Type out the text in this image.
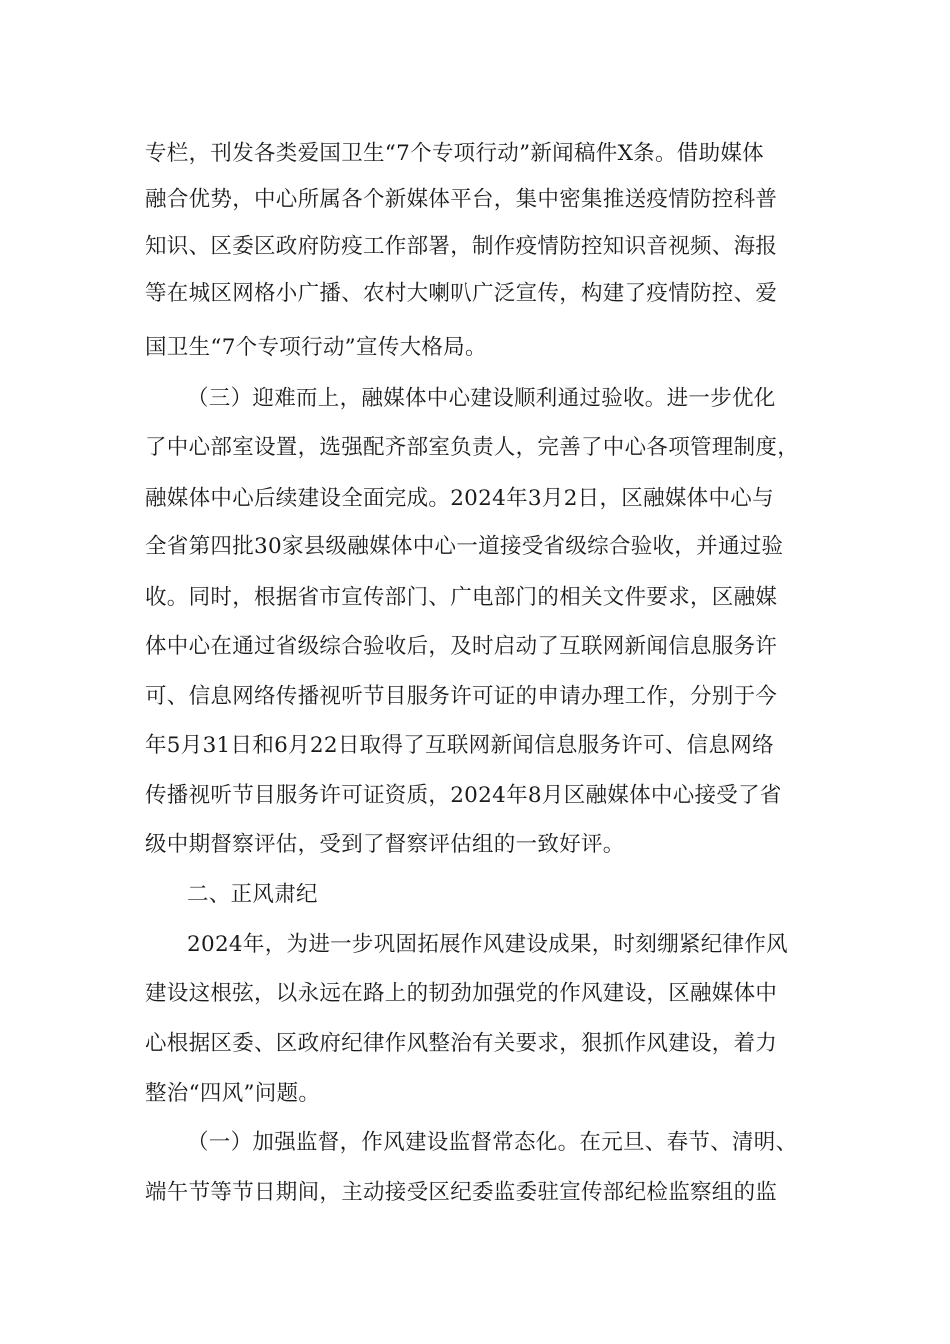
专栏，刊发各类爱国卫生“7个专项行动”新闻稿件X条。借助媒体
融合优势，中心所属各个新媒体平台，集中密集推送疫情防控科普
知识、区委区政府防疫工作部署，制作疫情防控知识音视频、海报
等在城区网格小广播、农村大喇叭广泛宣传，构建了疫情防控、爱
国卫生“7个专项行动”宣传大格局。
（三）迎难而上，融媒体中心建设顺利通过验收。进一步优化
了中心部室设置，选强配齐部室负责人，完善了中心各项管理制度，
融媒体中心后续建设全面完成。2024年3月2日，区融媒体中心与
全省第四批30家县级融媒体中心一道接受省级综合验收，并通过验
收。同时，根据省市宣传部门、广电部门的相关文件要求，区融媒
体中心在通过省级综合验收后，及时启动了互联网新闻信息服务许
可、信息网络传播视听节目服务许可证的申请办理工作，分别于今
年5月31日和6月22日取得了互联网新闻信息服务许可、信息网络
传播视听节目服务许可证资质，2024年8月区融媒体中心接受了省
级中期督察评估，受到了督察评估组的一致好评。
二、正风肃纪
2024年，为进一步巩固拓展作风建设成果，时刻绷紧纪律作风
建设这根弦，以永远在路上的韧劲加强党的作风建设，区融媒体中
心根据区委、区政府纪律作风整治有关要求，狠抓作风建设，着力
整治“四风”问题。
（一）加强监督，作风建设监督常态化。在元旦、春节、清明、
端午节等节日期间，主动接受区纪委监委驻宣传部纪检监察组的监
